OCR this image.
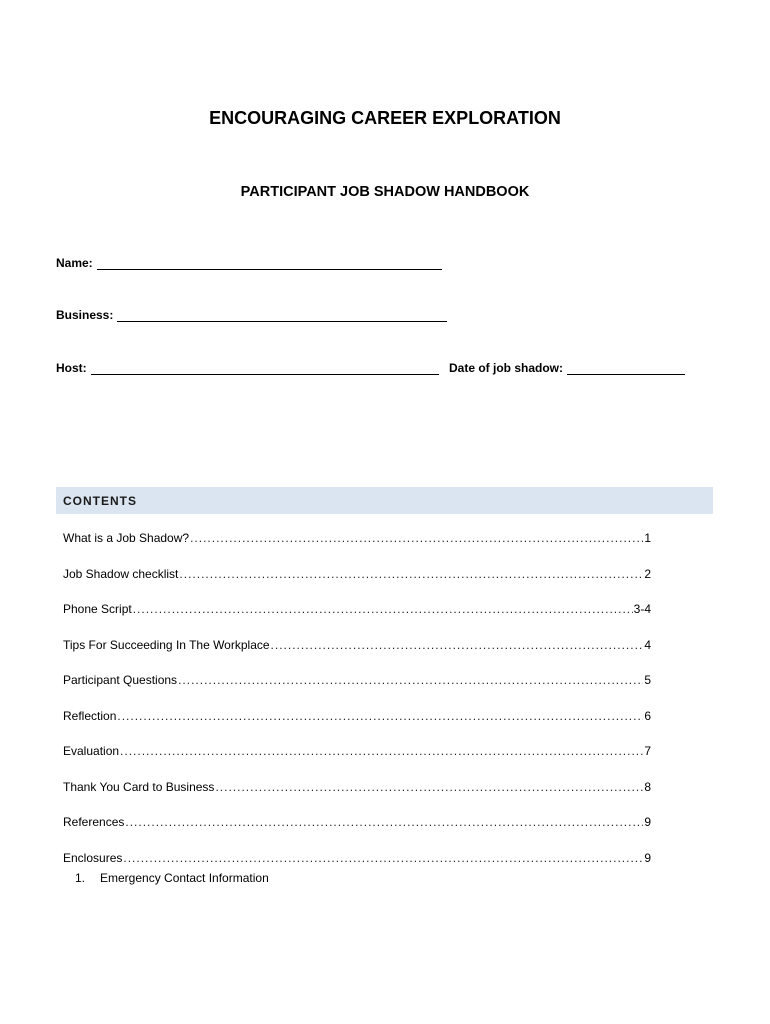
ENCOURAGING CAREER EXPLORATION
PARTICIPANT JOB SHADOW HANDBOOK
Name:
Business:
Host:	Date of job shadow:
CONTENTS
What is a Job Shadow? .....	1
Job Shadow checklist .....	2
Phone Script .....	3-4
Tips For Succeeding In The Workplace .....	4
Participant Questions .....	5
Reflection .....	6
Evaluation .....	7
Thank You Card to Business .....	8
References .....	9
Enclosures .....	9
1.	Emergency Contact Information
